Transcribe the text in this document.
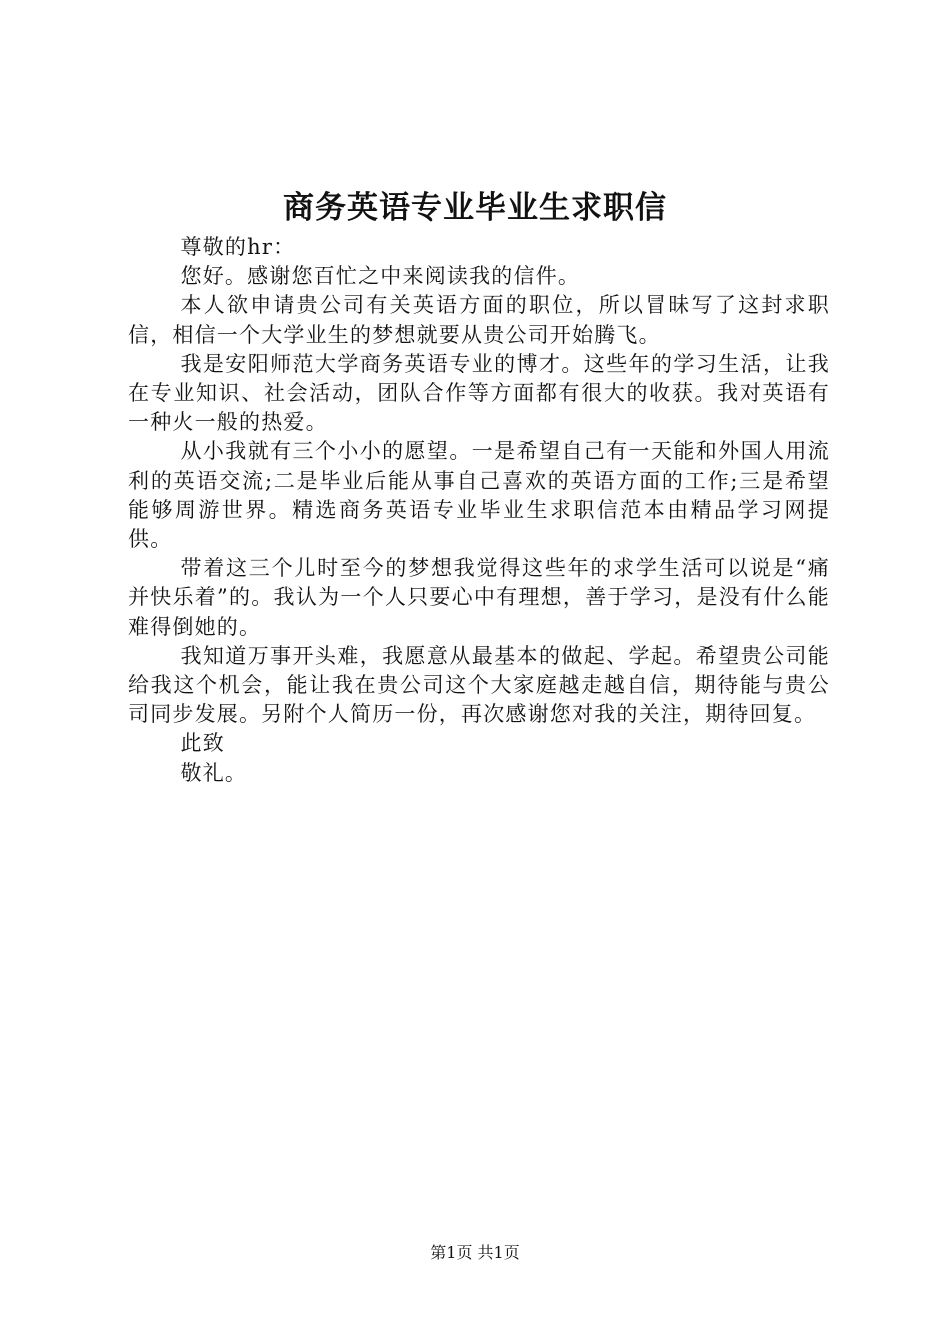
商务英语专业毕业生求职信

尊敬的hr：

您好。感谢您百忙之中来阅读我的信件。

本人欲申请贵公司有关英语方面的职位，所以冒昧写了这封求职信，相信一个大学业生的梦想就要从贵公司开始腾飞。

我是安阳师范大学商务英语专业的博才。这些年的学习生活，让我在专业知识、社会活动，团队合作等方面都有很大的收获。我对英语有一种火一般的热爱。

从小我就有三个小小的愿望。一是希望自己有一天能和外国人用流利的英语交流;二是毕业后能从事自己喜欢的英语方面的工作;三是希望能够周游世界。精选商务英语专业毕业生求职信范本由精品学习网提供。

带着这三个儿时至今的梦想我觉得这些年的求学生活可以说是“痛并快乐着”的。我认为一个人只要心中有理想，善于学习，是没有什么能难得倒她的。

我知道万事开头难，我愿意从最基本的做起、学起。希望贵公司能给我这个机会，能让我在贵公司这个大家庭越走越自信，期待能与贵公司同步发展。另附个人简历一份，再次感谢您对我的关注，期待回复。

此致

敬礼。

第1页 共1页
